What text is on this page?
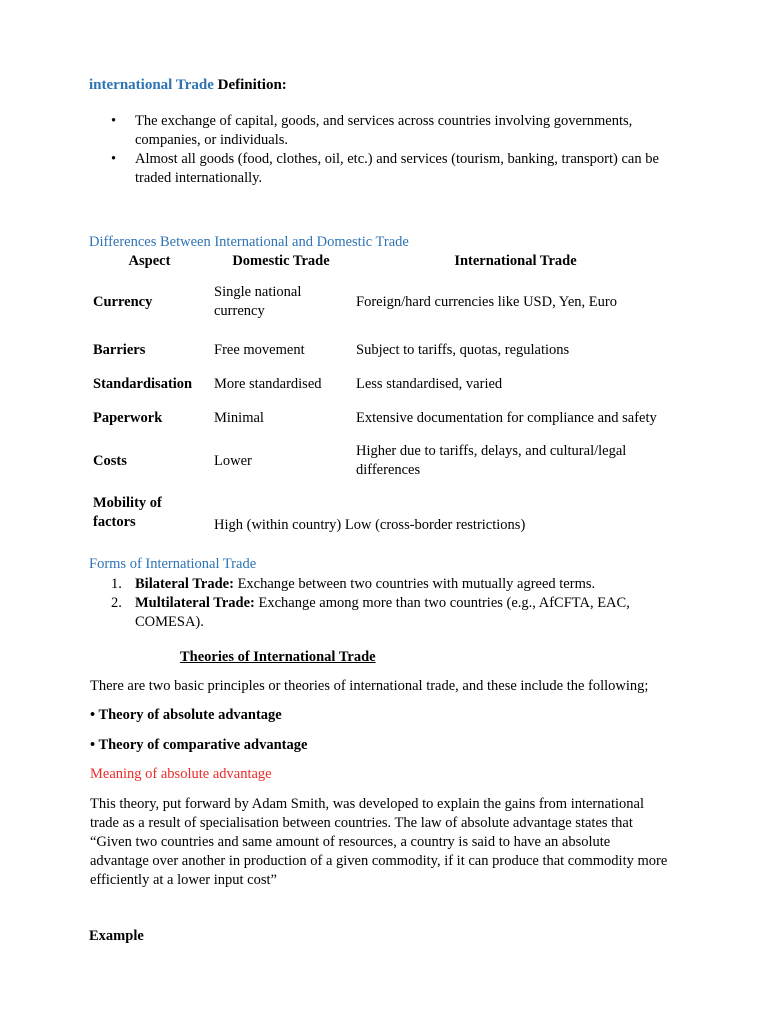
international Trade Definition:
• The exchange of capital, goods, and services across countries involving governments, companies, or individuals.
• Almost all goods (food, clothes, oil, etc.) and services (tourism, banking, transport) can be traded internationally.
Differences Between International and Domestic Trade
Aspect	Domestic Trade	International Trade
Currency	Single national currency	Foreign/hard currencies like USD, Yen, Euro
Barriers	Free movement	Subject to tariffs, quotas, regulations
Standardisation	More standardised	Less standardised, varied
Paperwork	Minimal	Extensive documentation for compliance and safety
Costs	Lower	Higher due to tariffs, delays, and cultural/legal differences
Mobility of factors	High (within country) Low (cross-border restrictions)	
Forms of International Trade
1. Bilateral Trade: Exchange between two countries with mutually agreed terms.
2. Multilateral Trade: Exchange among more than two countries (e.g., AfCFTA, EAC, COMESA).
Theories of International Trade
There are two basic principles or theories of international trade, and these include the following;
• Theory of absolute advantage
• Theory of comparative advantage
Meaning of absolute advantage
This theory, put forward by Adam Smith, was developed to explain the gains from international trade as a result of specialisation between countries. The law of absolute advantage states that “Given two countries and same amount of resources, a country is said to have an absolute advantage over another in production of a given commodity, if it can produce that commodity more efficiently at a lower input cost”
Example
